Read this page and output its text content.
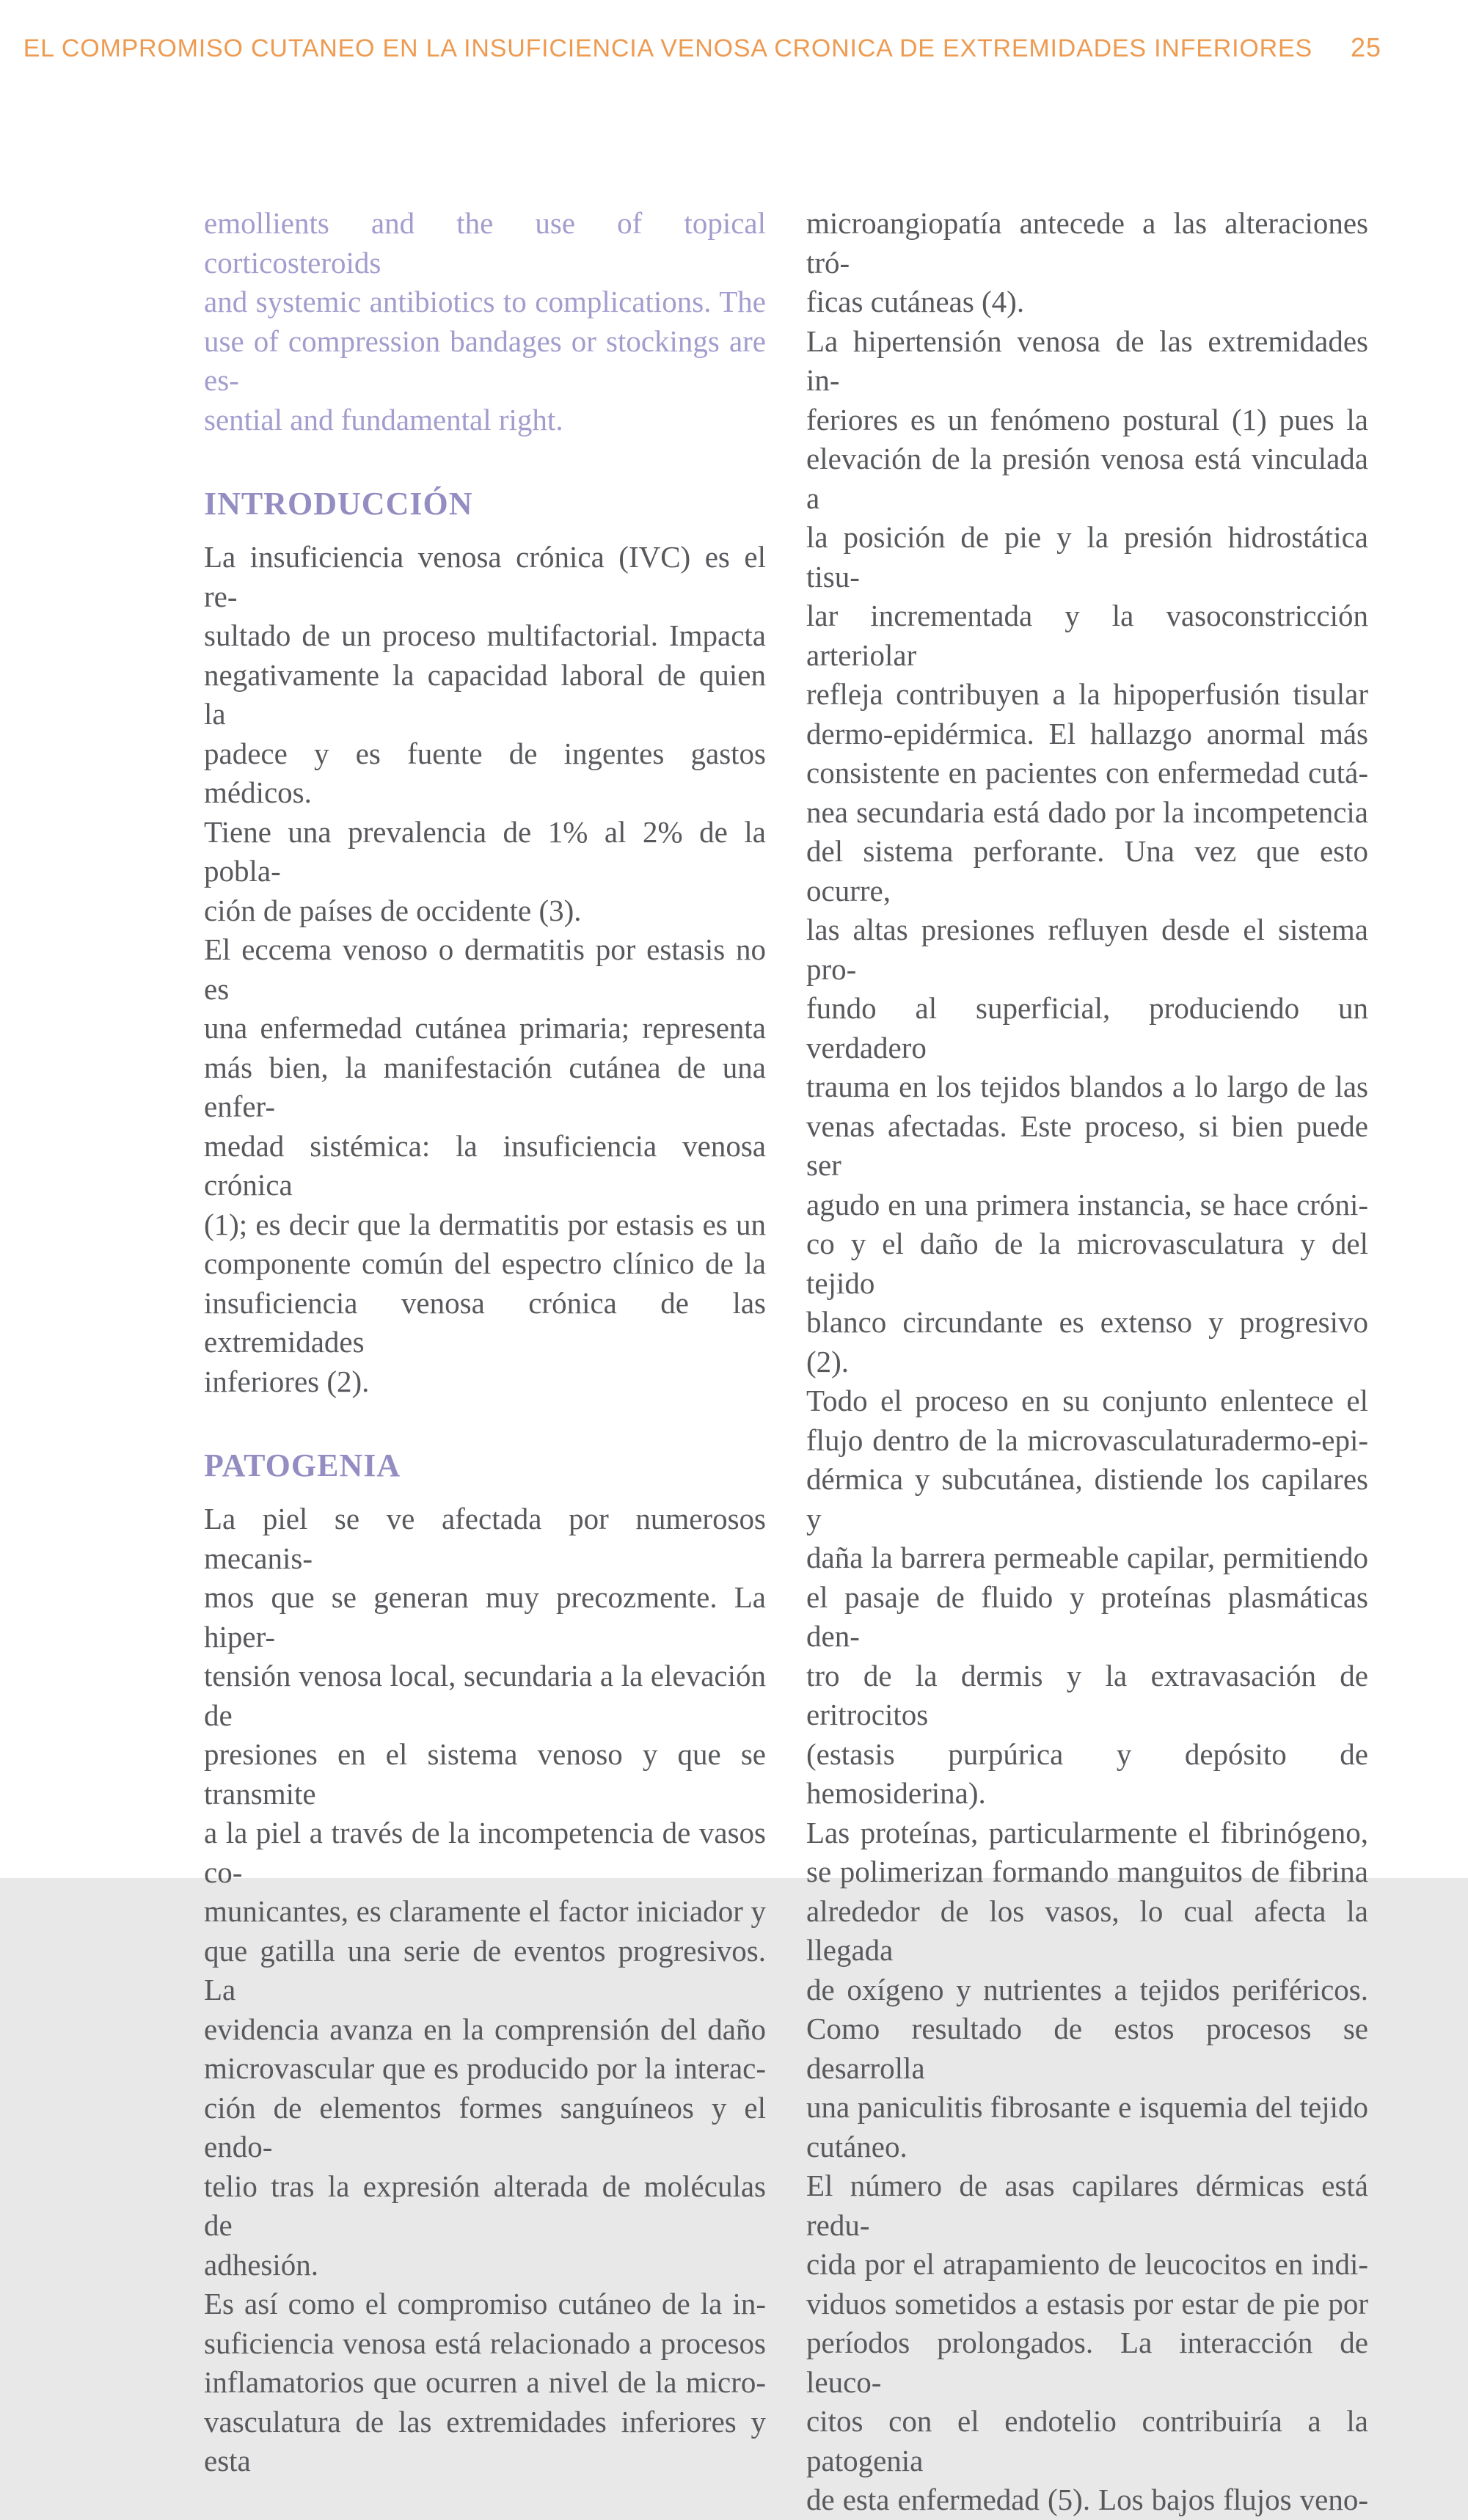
EL COMPROMISO CUTANEO EN LA INSUFICIENCIA VENOSA CRONICA DE EXTREMIDADES INFERIORES 25
emollients and the use of topical corticosteroids
and systemic antibiotics to complications. The
use of compression bandages or stockings are es-
sential and fundamental right.
INTRODUCCIÓN
La insuficiencia venosa crónica (IVC) es el re-
sultado de un proceso multifactorial. Impacta
negativamente la capacidad laboral de quien la
padece y es fuente de ingentes gastos médicos.
Tiene una prevalencia de 1% al 2% de la pobla-
ción de países de occidente (3).
El eccema venoso o dermatitis por estasis no es
una enfermedad cutánea primaria; representa
más bien, la manifestación cutánea de una enfer-
medad sistémica: la insuficiencia venosa crónica
(1); es decir que la dermatitis por estasis es un
componente común del espectro clínico de la
insuficiencia venosa crónica de las extremidades
inferiores (2).
PATOGENIA
La piel se ve afectada por numerosos mecanis-
mos que se generan muy precozmente. La hiper-
tensión venosa local, secundaria a la elevación de
presiones en el sistema venoso y que se transmite
a la piel a través de la incompetencia de vasos co-
municantes, es claramente el factor iniciador y
que gatilla una serie de eventos progresivos. La
evidencia avanza en la comprensión del daño
microvascular que es producido por la interac-
ción de elementos formes sanguíneos y el endo-
telio tras la expresión alterada de moléculas de
adhesión.
Es así como el compromiso cutáneo de la in-
suficiencia venosa está relacionado a procesos
inflamatorios que ocurren a nivel de la micro-
vasculatura de las extremidades inferiores y esta
microangiopatía antecede a las alteraciones tró-
ficas cutáneas (4).
La hipertensión venosa de las extremidades in-
feriores es un fenómeno postural (1) pues la
elevación de la presión venosa está vinculada a
la posición de pie y la presión hidrostática tisu-
lar incrementada y la vasoconstricción arteriolar
refleja contribuyen a la hipoperfusión tisular
dermo-epidérmica. El hallazgo anormal más
consistente en pacientes con enfermedad cutá-
nea secundaria está dado por la incompetencia
del sistema perforante. Una vez que esto ocurre,
las altas presiones refluyen desde el sistema pro-
fundo al superficial, produciendo un verdadero
trauma en los tejidos blandos a lo largo de las
venas afectadas. Este proceso, si bien puede ser
agudo en una primera instancia, se hace cróni-
co y el daño de la microvasculatura y del tejido
blanco circundante es extenso y progresivo (2).
Todo el proceso en su conjunto enlentece el
flujo dentro de la microvasculaturadermo-epi-
dérmica y subcutánea, distiende los capilares y
daña la barrera permeable capilar, permitiendo
el pasaje de fluido y proteínas plasmáticas den-
tro de la dermis y la extravasación de eritrocitos
(estasis purpúrica y depósito de hemosiderina).
Las proteínas, particularmente el fibrinógeno,
se polimerizan formando manguitos de fibrina
alrededor de los vasos, lo cual afecta la llegada
de oxígeno y nutrientes a tejidos periféricos.
Como resultado de estos procesos se desarrolla
una paniculitis fibrosante e isquemia del tejido
cutáneo.
El número de asas capilares dérmicas está redu-
cida por el atrapamiento de leucocitos en indi-
viduos sometidos a estasis por estar de pie por
períodos prolongados. La interacción de leuco-
citos con el endotelio contribuiría a la patogenia
de esta enfermedad (5). Los bajos flujos veno-
